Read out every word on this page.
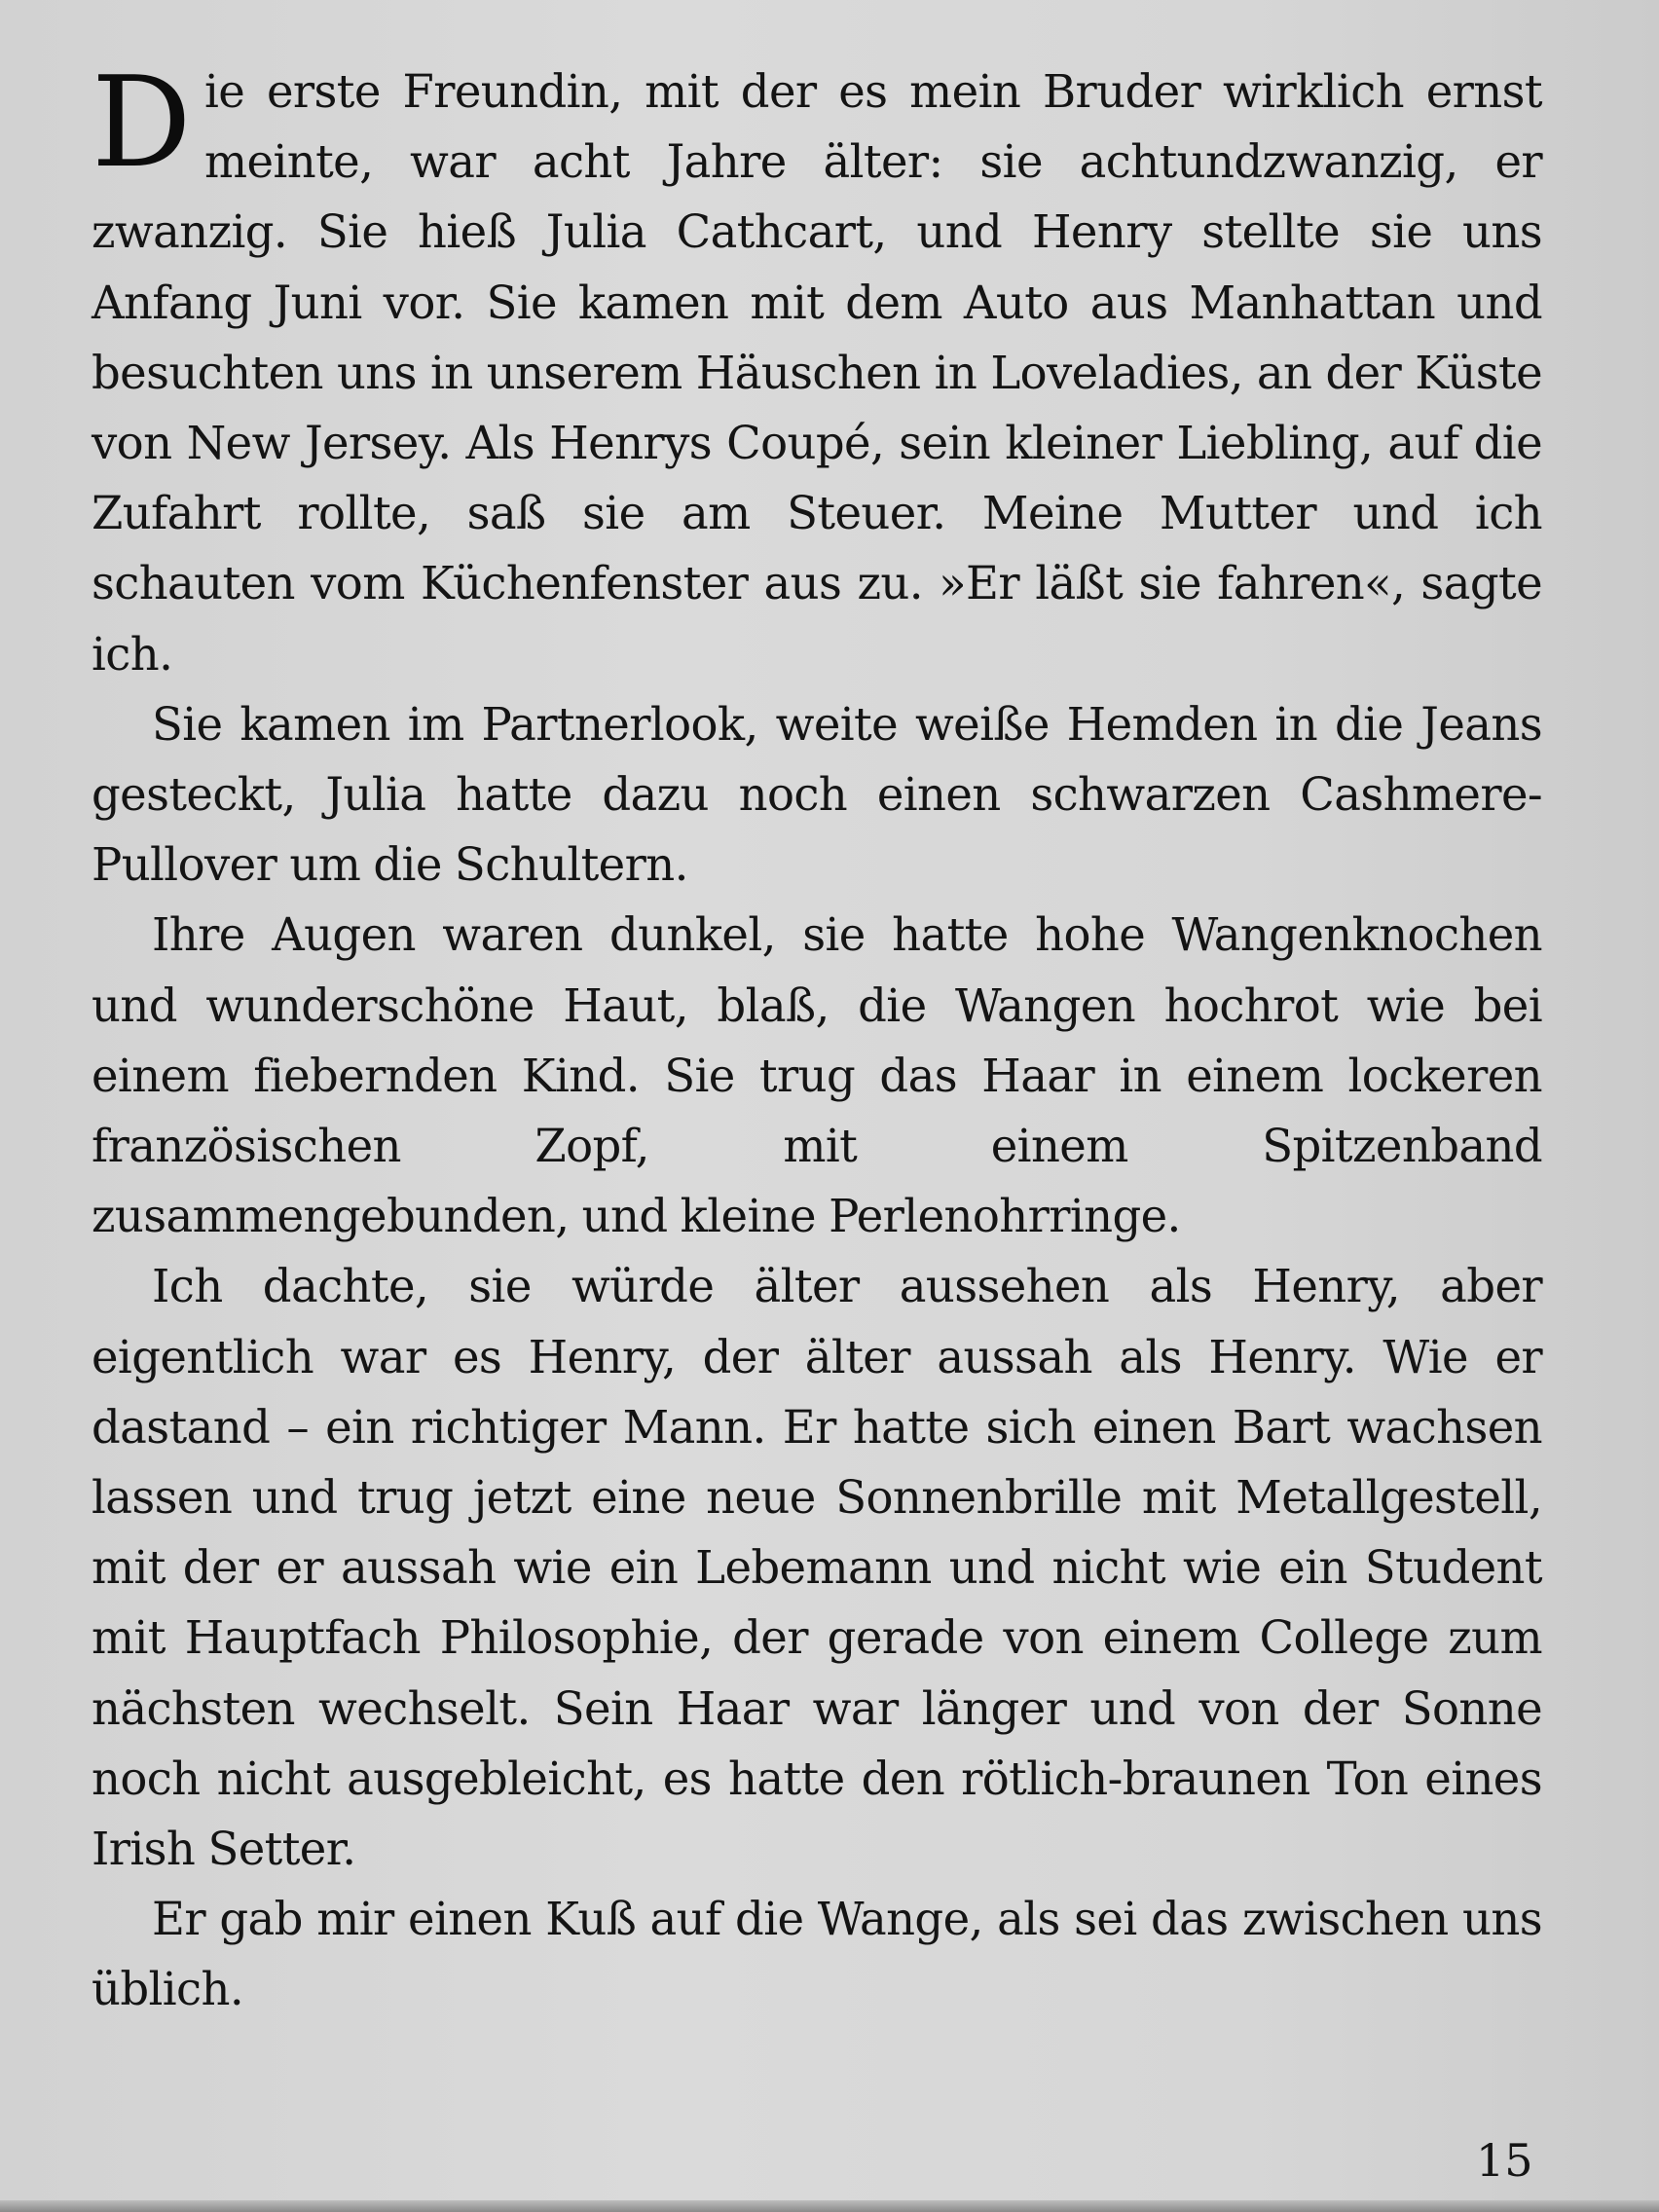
Die erste Freundin, mit der es mein Bruder wirklich ernst meinte, war acht Jahre älter: sie achtundzwanzig, er zwanzig. Sie hieß Julia Cathcart, und Henry stellte sie uns Anfang Juni vor. Sie kamen mit dem Auto aus Manhattan und besuchten uns in unserem Häuschen in Loveladies, an der Küste von New Jersey. Als Henrys Coupé, sein kleiner Liebling, auf die Zufahrt rollte, saß sie am Steuer. Meine Mutter und ich schauten vom Küchenfenster aus zu. »Er läßt sie fahren«, sagte ich.

Sie kamen im Partnerlook, weite weiße Hemden in die Jeans gesteckt, Julia hatte dazu noch einen schwarzen Cashmere-Pullover um die Schultern.

Ihre Augen waren dunkel, sie hatte hohe Wangenknochen und wunderschöne Haut, blaß, die Wangen hochrot wie bei einem fiebernden Kind. Sie trug das Haar in einem lockeren französischen Zopf, mit einem Spitzenband zusammengebunden, und kleine Perlenohrringe.

Ich dachte, sie würde älter aussehen als Henry, aber eigentlich war es Henry, der älter aussah als Henry. Wie er dastand – ein richtiger Mann. Er hatte sich einen Bart wachsen lassen und trug jetzt eine neue Sonnenbrille mit Metallgestell, mit der er aussah wie ein Lebemann und nicht wie ein Student mit Hauptfach Philosophie, der gerade von einem College zum nächsten wechselt. Sein Haar war länger und von der Sonne noch nicht ausgebleicht, es hatte den rötlich-braunen Ton eines Irish Setter.

Er gab mir einen Kuß auf die Wange, als sei das zwischen uns üblich.

15
